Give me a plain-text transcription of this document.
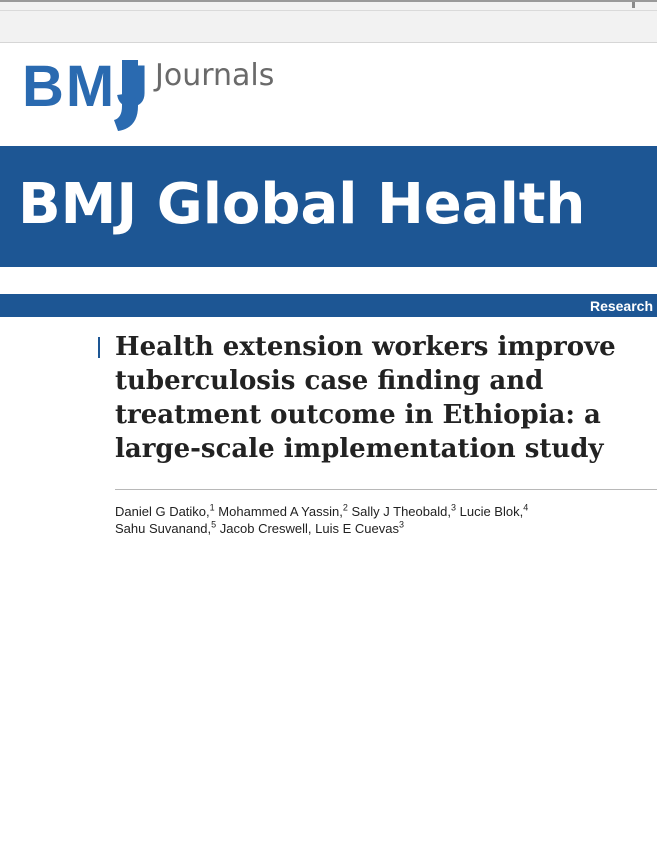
BMJ Journals
BMJ Global Health
Research
Health extension workers improve tuberculosis case finding and treatment outcome in Ethiopia: a large-scale implementation study
Daniel G Datiko,$^1$ Mohammed A Yassin,$^2$ Sally J Theobald,$^3$ Lucie Blok,$^4$
Sahu Suvanand,$^5$ Jacob Creswell, Luis E Cuevas$^3$
